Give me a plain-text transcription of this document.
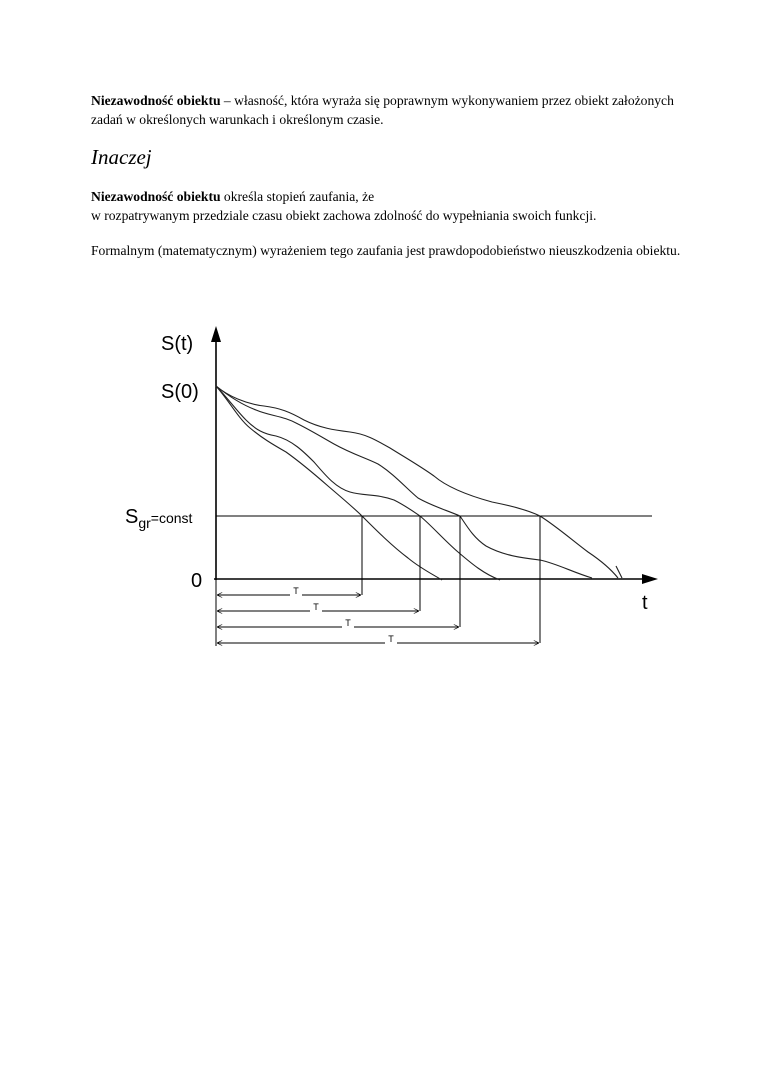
Niezawodność obiektu – własność, która wyraża się poprawnym wykonywaniem przez obiekt założonych zadań w określonych warunkach i określonym czasie.

Inaczej

Niezawodność obiektu określa stopień zaufania, że
w rozpatrywanym przedziale czasu obiekt zachowa zdolność do wypełniania swoich funkcji.

Formalnym (matematycznym) wyrażeniem tego zaufania jest prawdopodobieństwo nieuszkodzenia obiektu.

T
T
T
T
S(t)
S(0)
$S_{gr}^{=const}$
0
t
